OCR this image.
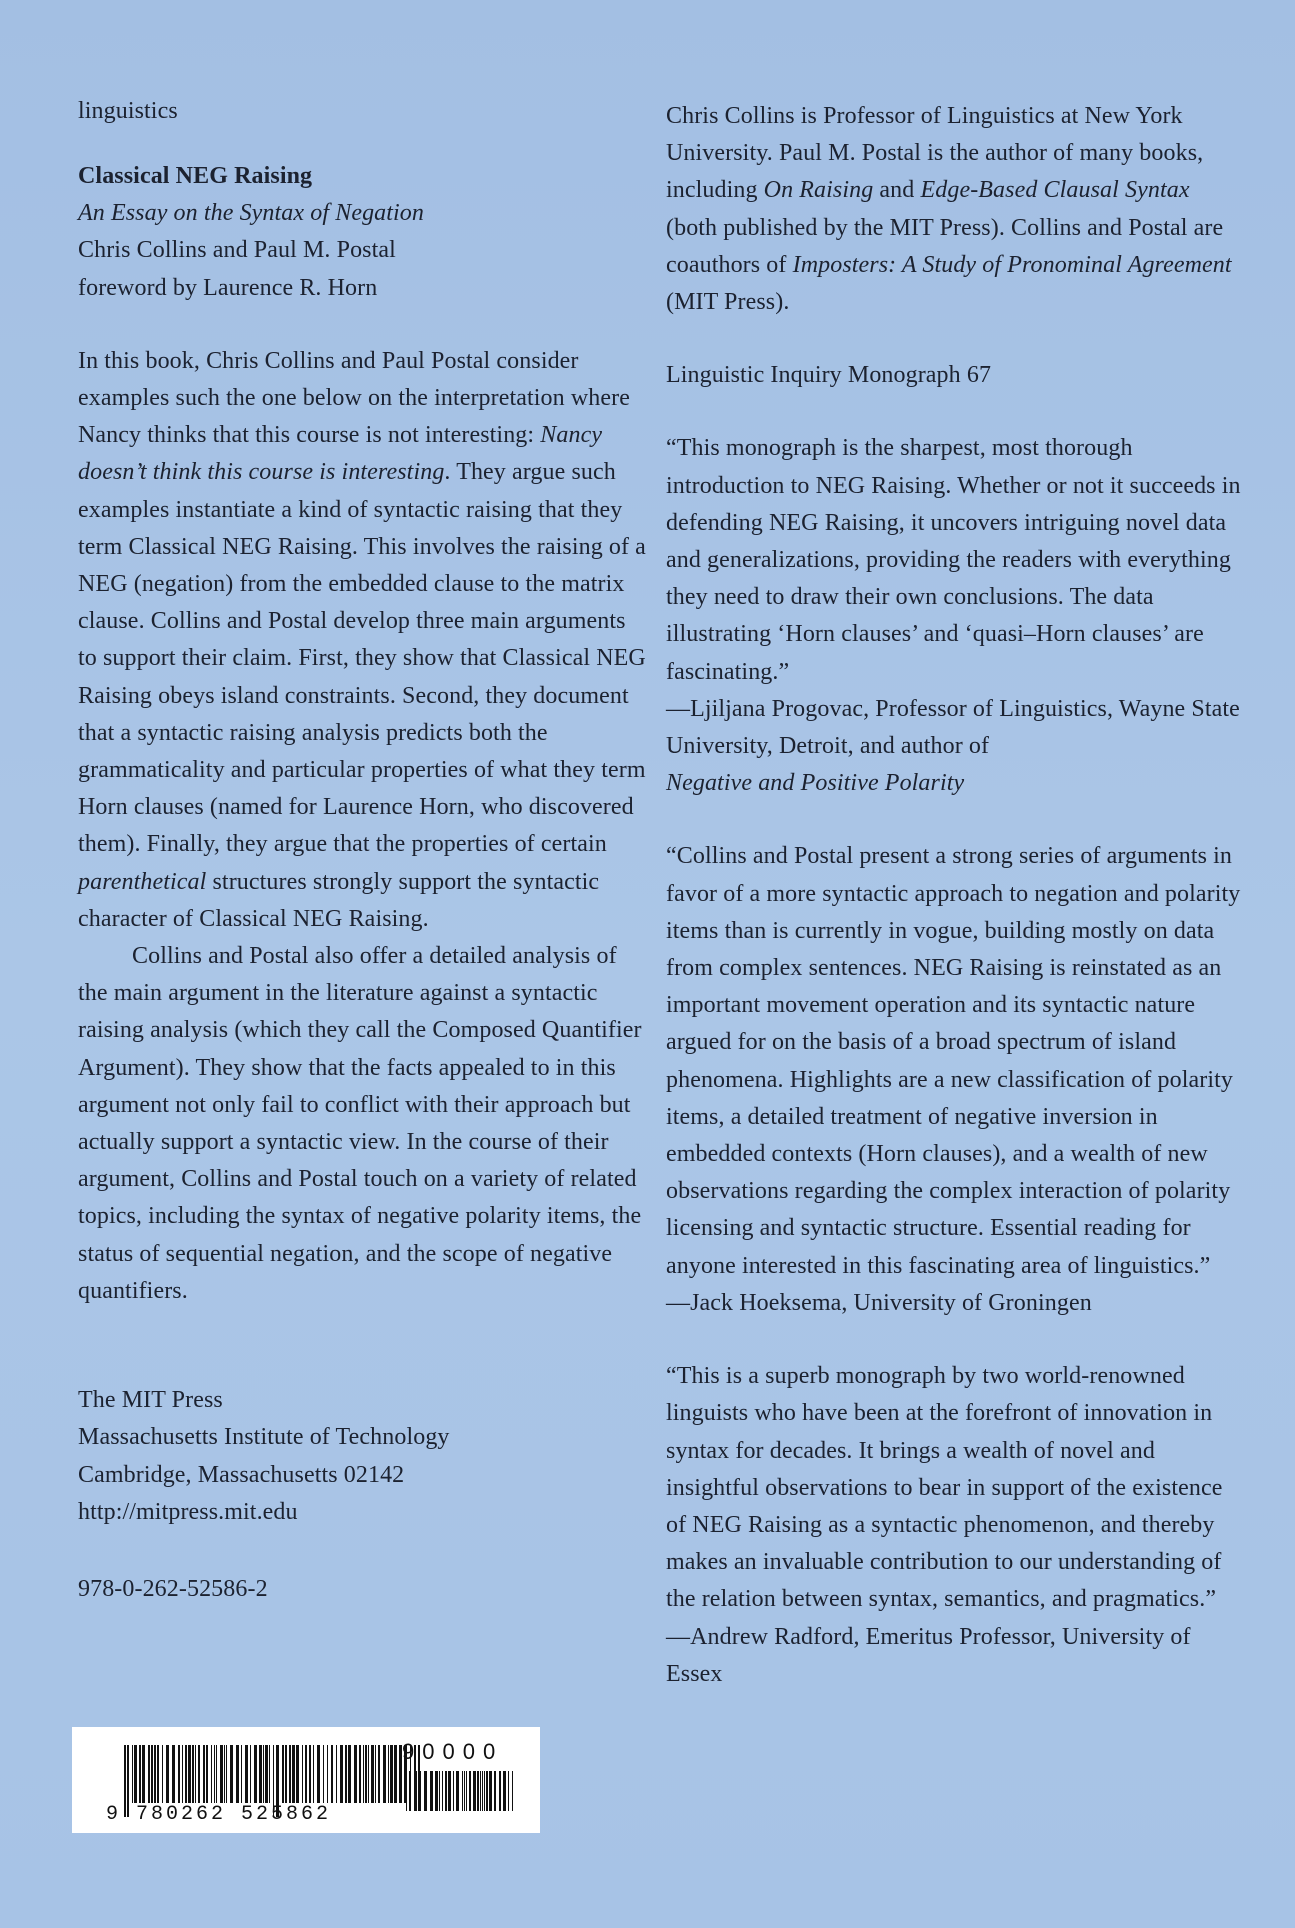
linguistics
Classical NEG Raising
An Essay on the Syntax of Negation
Chris Collins and Paul M. Postal
foreword by Laurence R. Horn

In this book, Chris Collins and Paul Postal consider examples such the one below on the interpretation where Nancy thinks that this course is not interesting: Nancy doesn’t think this course is interesting. They argue such examples instantiate a kind of syntactic raising that they term Classical NEG Raising. This involves the raising of a NEG (negation) from the embedded clause to the matrix clause. Collins and Postal develop three main arguments to support their claim. First, they show that Classical NEG Raising obeys island constraints. Second, they document that a syntactic raising analysis predicts both the grammaticality and particular properties of what they term Horn clauses (named for Laurence Horn, who discovered them). Finally, they argue that the properties of certain parenthetical structures strongly support the syntactic character of Classical NEG Raising.

Collins and Postal also offer a detailed analysis of the main argument in the literature against a syntactic raising analysis (which they call the Composed Quantifier Argument). They show that the facts appealed to in this argument not only fail to conflict with their approach but actually support a syntactic view. In the course of their argument, Collins and Postal touch on a variety of related topics, including the syntax of negative polarity items, the status of sequential negation, and the scope of negative quantifiers.

The MIT Press
Massachusetts Institute of Technology
Cambridge, Massachusetts 02142
http://mitpress.mit.edu
978-0-262-52586-2

Chris Collins is Professor of Linguistics at New York University. Paul M. Postal is the author of many books, including On Raising and Edge-Based Clausal Syntax (both published by the MIT Press). Collins and Postal are coauthors of Imposters: A Study of Pronominal Agreement (MIT Press).

Linguistic Inquiry Monograph 67

“This monograph is the sharpest, most thorough introduction to NEG Raising. Whether or not it succeeds in defending NEG Raising, it uncovers intriguing novel data and generalizations, providing the readers with everything they need to draw their own conclusions. The data illustrating ‘Horn clauses’ and ‘quasi–Horn clauses’ are fascinating.”

—Ljiljana Progovac, Professor of Linguistics, Wayne State University, Detroit, and author of
Negative and Positive Polarity

“Collins and Postal present a strong series of arguments in favor of a more syntactic approach to negation and polarity items than is currently in vogue, building mostly on data from complex sentences. NEG Raising is reinstated as an important movement operation and its syntactic nature argued for on the basis of a broad spectrum of island phenomena. Highlights are a new classification of polarity items, a detailed treatment of negative inversion in embedded contexts (Horn clauses), and a wealth of new observations regarding the complex interaction of polarity licensing and syntactic structure. Essential reading for anyone interested in this fascinating area of linguistics.”

—Jack Hoeksema, University of Groningen

“This is a superb monograph by two world-renowned linguists who have been at the forefront of innovation in syntax for decades. It brings a wealth of novel and insightful observations to bear in support of the existence of NEG Raising as a syntactic phenomenon, and thereby makes an invaluable contribution to our understanding of the relation between syntax, semantics, and pragmatics.”

—Andrew Radford, Emeritus Professor, University of Essex

9 780262 525862
90000
